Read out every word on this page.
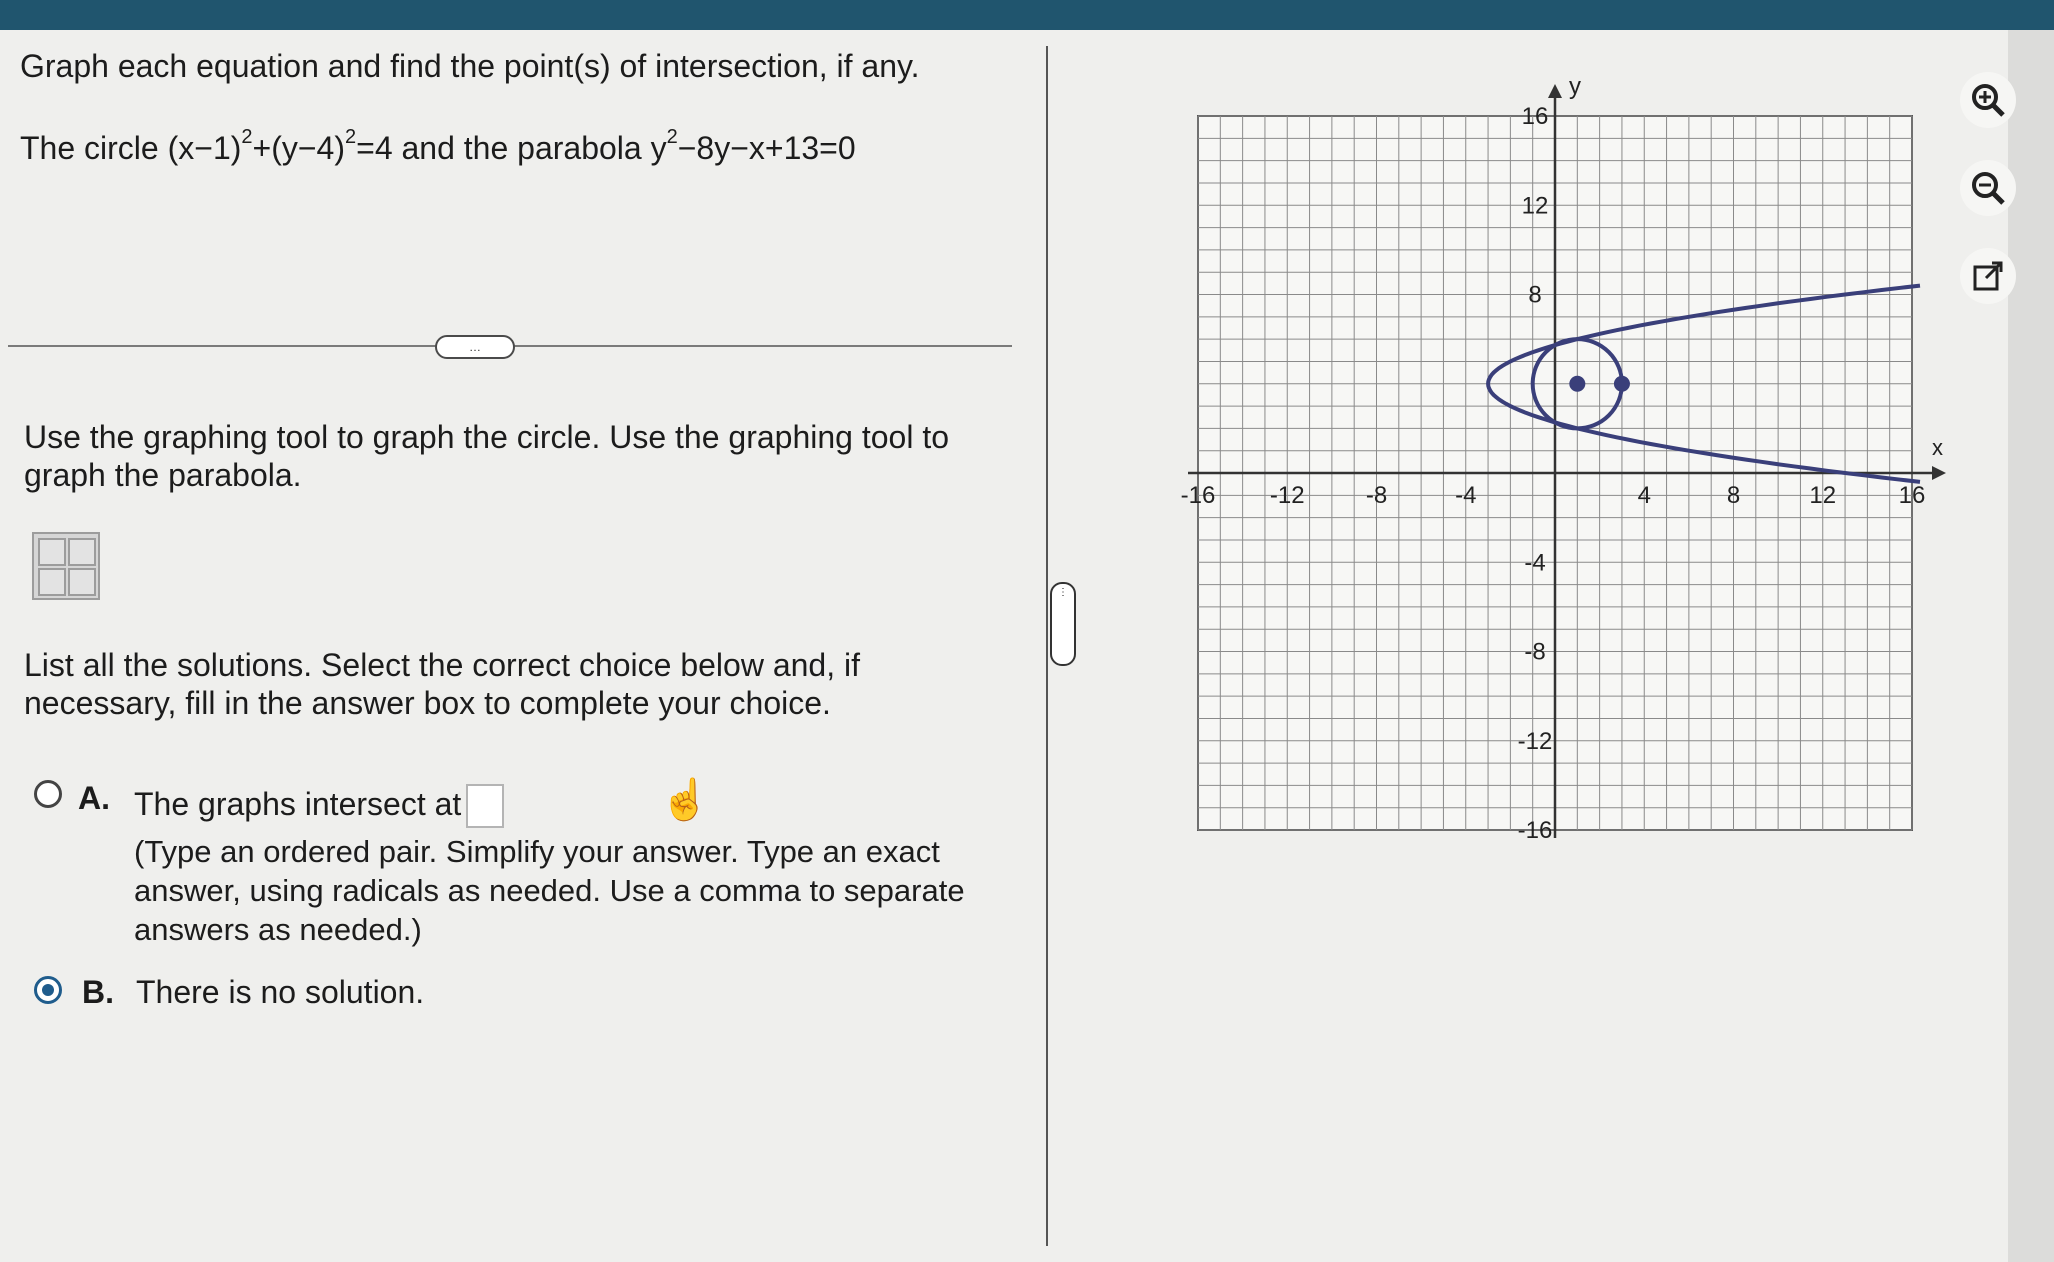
Graph each equation and find the point(s) of intersection, if any.
The circle $(x-1)^2+(y-4)^2=4$ and the parabola $y^2-8y-x+13=0$
…
Use the graphing tool to graph the circle. Use the graphing tool to graph the parabola.
List all the solutions. Select the correct choice below and, if necessary, fill in the answer box to complete your choice.
A. The graphs intersect at
(Type an ordered pair. Simplify your answer. Type an exact answer, using radicals as needed. Use a comma to separate answers as needed.)
☝
B. There is no solution.
⋮
x
y
-16 -12	-8	-4	4	8	12	16
16
12
8
-4
-8
-12
-16
